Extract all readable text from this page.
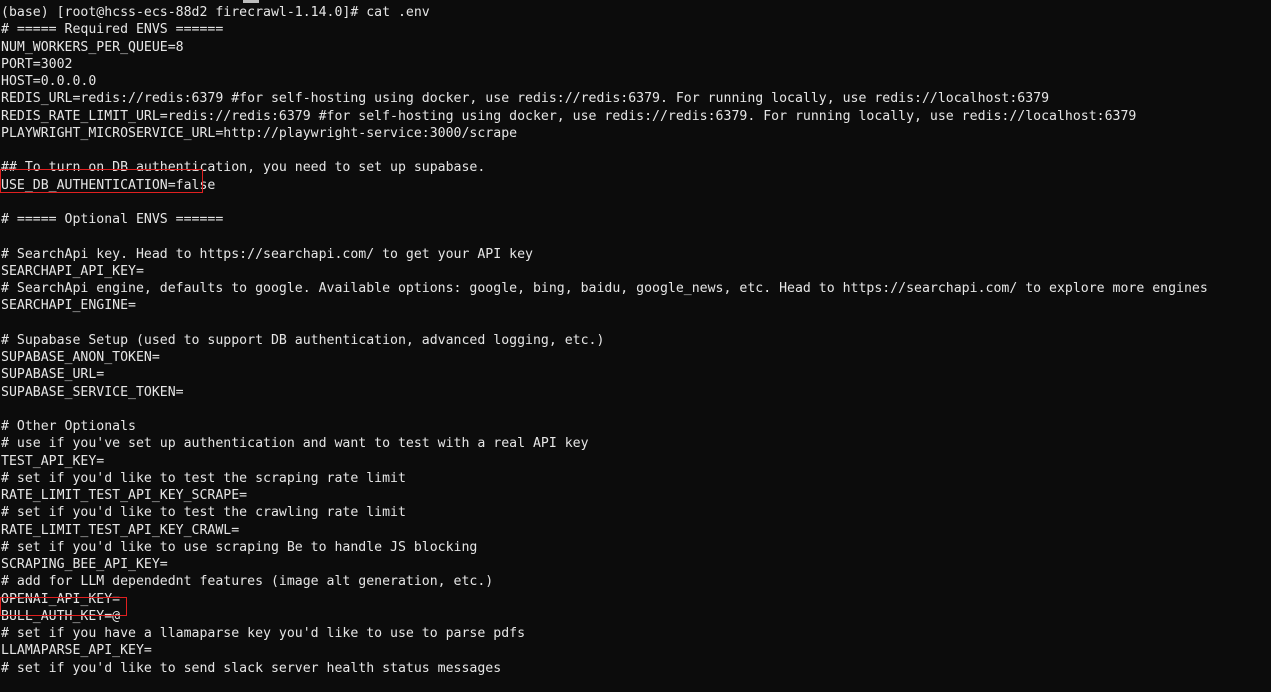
(base) [root@hcss-ecs-88d2 firecrawl-1.14.0]# cat .env
# ===== Required ENVS ======
NUM_WORKERS_PER_QUEUE=8
PORT=3002
HOST=0.0.0.0
REDIS_URL=redis://redis:6379 #for self-hosting using docker, use redis://redis:6379. For running locally, use redis://localhost:6379
REDIS_RATE_LIMIT_URL=redis://redis:6379 #for self-hosting using docker, use redis://redis:6379. For running locally, use redis://localhost:6379
PLAYWRIGHT_MICROSERVICE_URL=http://playwright-service:3000/scrape

## To turn on DB authentication, you need to set up supabase.
USE_DB_AUTHENTICATION=false

# ===== Optional ENVS ======

# SearchApi key. Head to https://searchapi.com/ to get your API key
SEARCHAPI_API_KEY=
# SearchApi engine, defaults to google. Available options: google, bing, baidu, google_news, etc. Head to https://searchapi.com/ to explore more engines
SEARCHAPI_ENGINE=

# Supabase Setup (used to support DB authentication, advanced logging, etc.)
SUPABASE_ANON_TOKEN=
SUPABASE_URL=
SUPABASE_SERVICE_TOKEN=

# Other Optionals
# use if you've set up authentication and want to test with a real API key
TEST_API_KEY=
# set if you'd like to test the scraping rate limit
RATE_LIMIT_TEST_API_KEY_SCRAPE=
# set if you'd like to test the crawling rate limit
RATE_LIMIT_TEST_API_KEY_CRAWL=
# set if you'd like to use scraping Be to handle JS blocking
SCRAPING_BEE_API_KEY=
# add for LLM dependednt features (image alt generation, etc.)
OPENAI_API_KEY=
BULL_AUTH_KEY=@
# set if you have a llamaparse key you'd like to use to parse pdfs
LLAMAPARSE_API_KEY=
# set if you'd like to send slack server health status messages
